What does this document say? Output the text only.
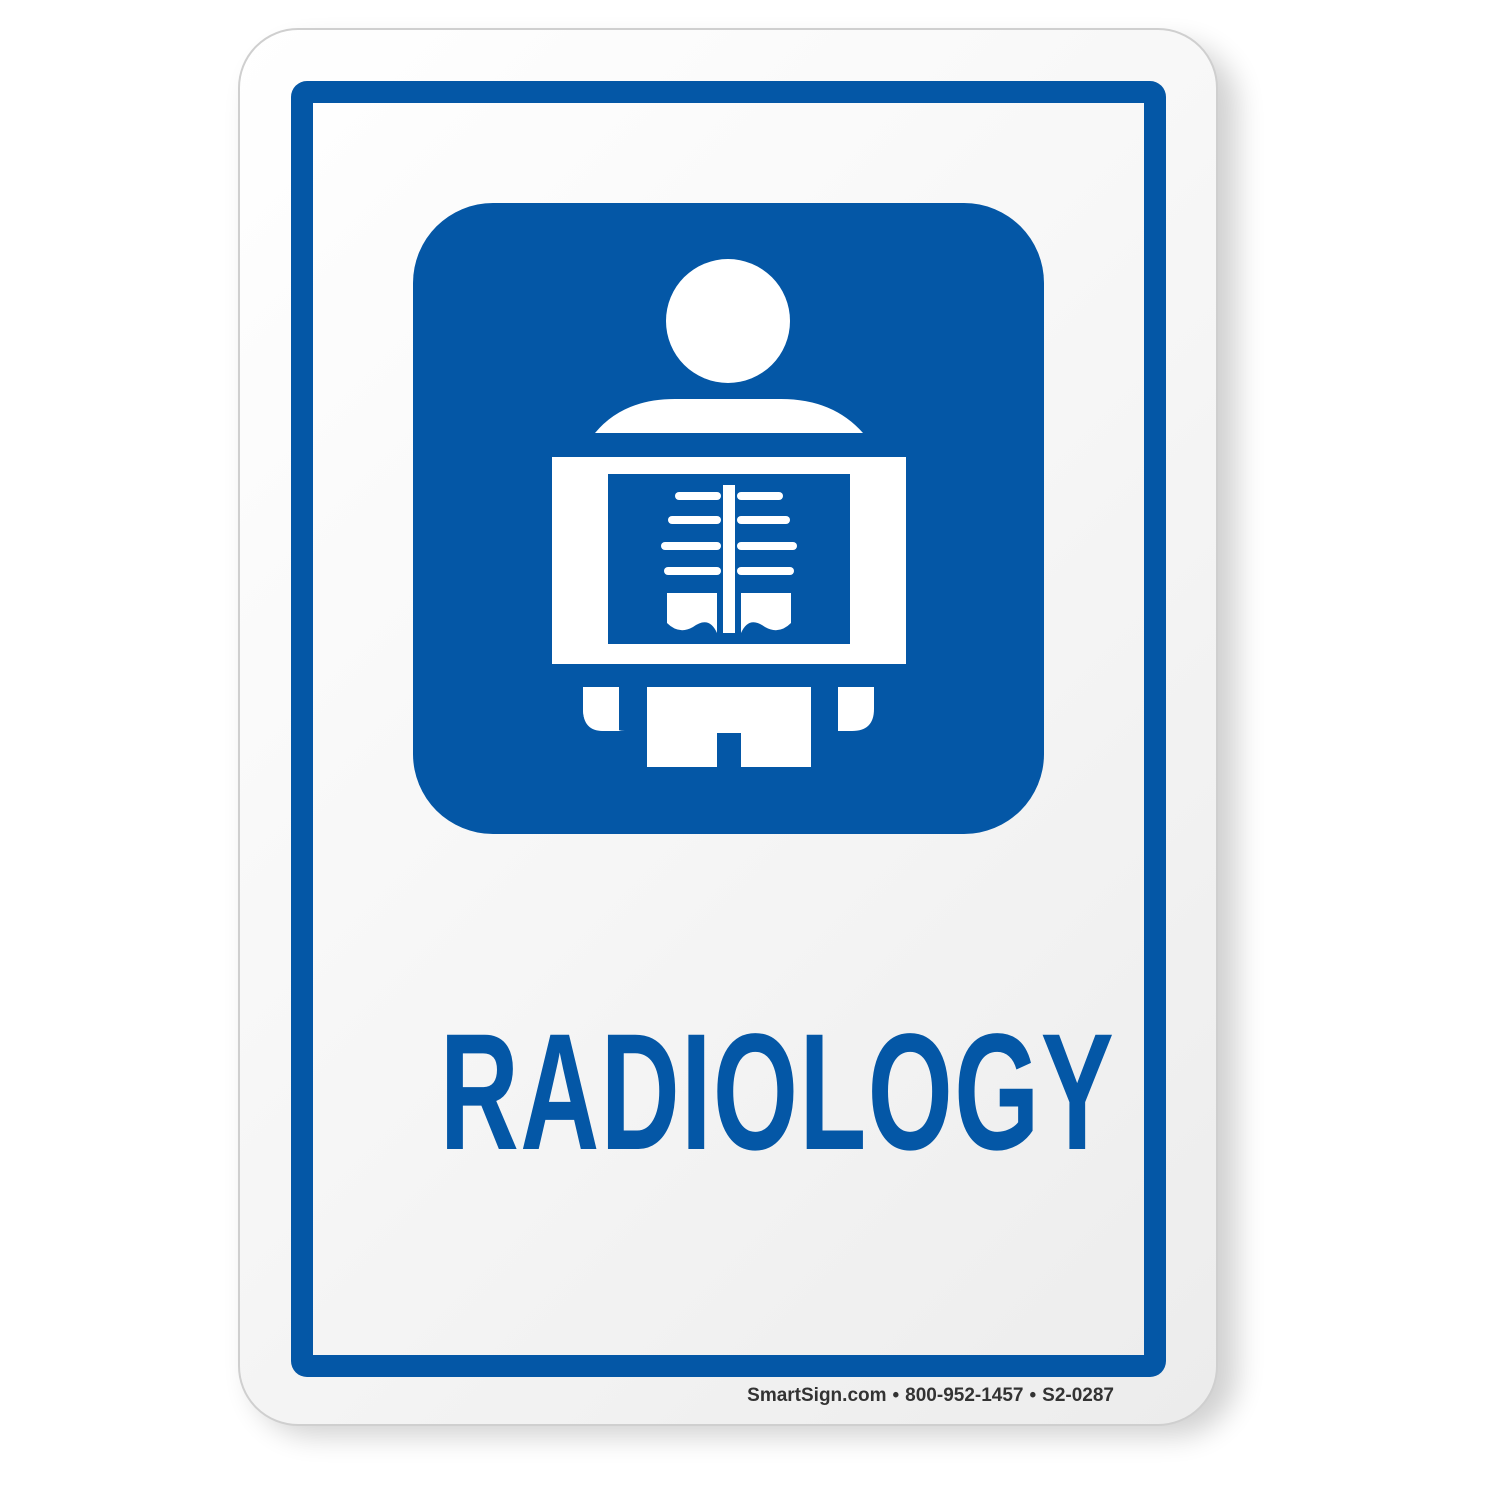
RADIOLOGY
SmartSign.com • 800-952-1457 • S2-0287
